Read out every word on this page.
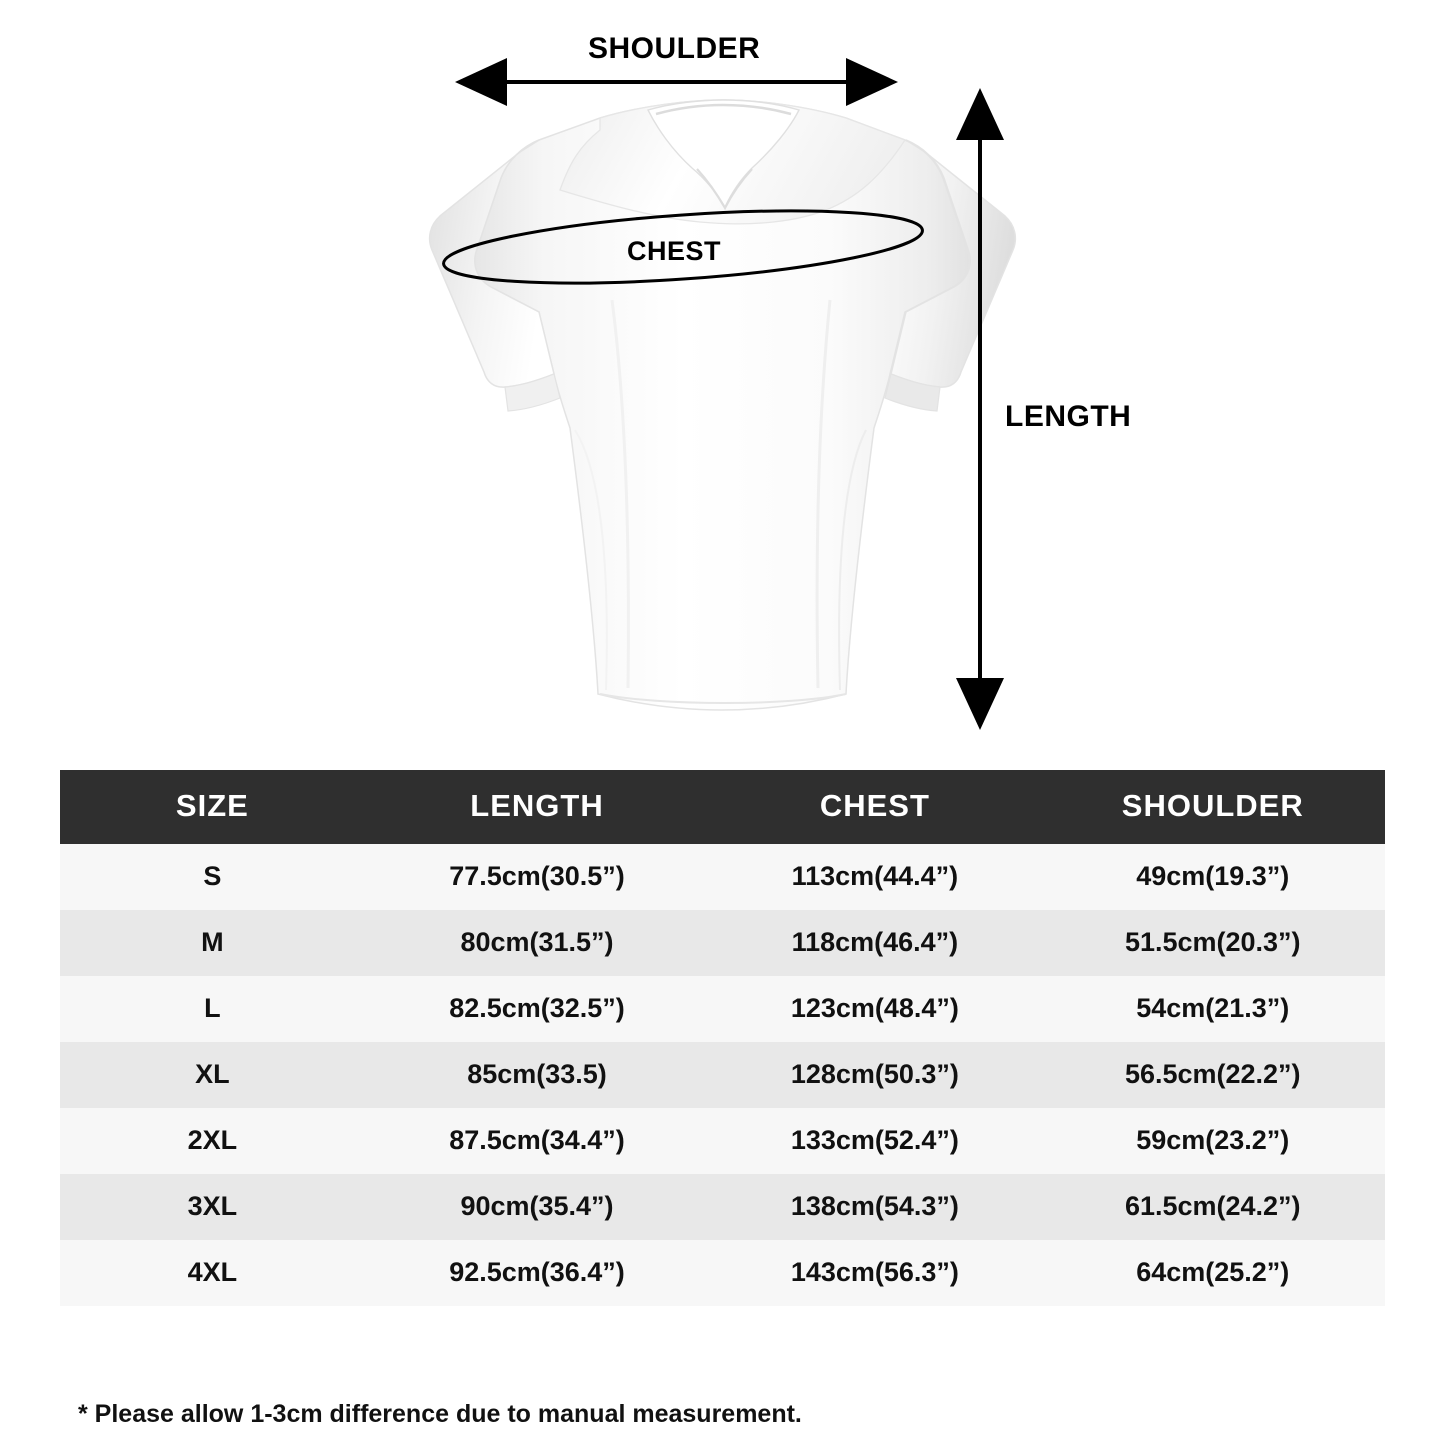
SHOULDER
CHEST
LENGTH
SIZE	LENGTH	CHEST	SHOULDER
S	77.5cm(30.5”)	113cm(44.4”)	49cm(19.3”)
M	80cm(31.5”)	118cm(46.4”)	51.5cm(20.3”)
L	82.5cm(32.5”)	123cm(48.4”)	54cm(21.3”)
XL	85cm(33.5)	128cm(50.3”)	56.5cm(22.2”)
2XL	87.5cm(34.4”)	133cm(52.4”)	59cm(23.2”)
3XL	90cm(35.4”)	138cm(54.3”)	61.5cm(24.2”)
4XL	92.5cm(36.4”)	143cm(56.3”)	64cm(25.2”)
* Please allow 1-3cm difference due to manual measurement.
